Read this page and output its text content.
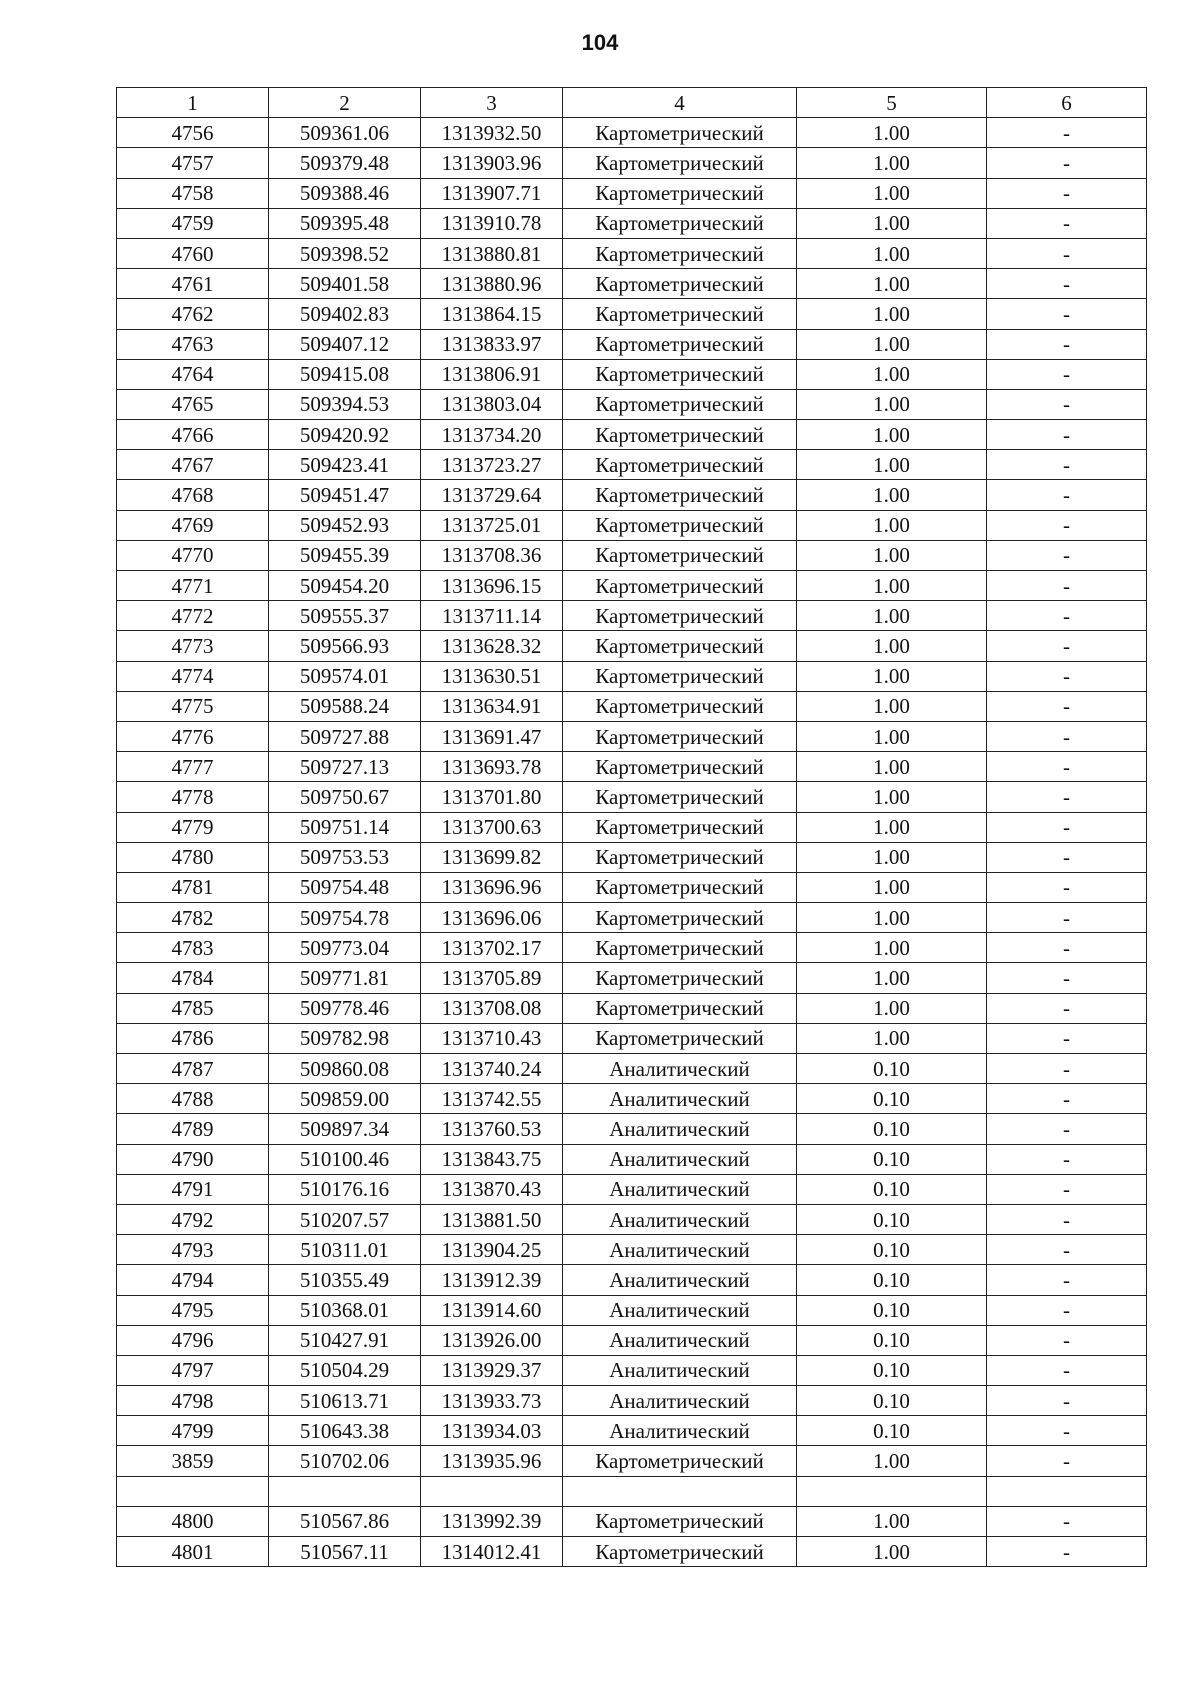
104
1	2	3	4	5	6
4756	509361.06	1313932.50	Картометрический	1.00	-
4757	509379.48	1313903.96	Картометрический	1.00	-
4758	509388.46	1313907.71	Картометрический	1.00	-
4759	509395.48	1313910.78	Картометрический	1.00	-
4760	509398.52	1313880.81	Картометрический	1.00	-
4761	509401.58	1313880.96	Картометрический	1.00	-
4762	509402.83	1313864.15	Картометрический	1.00	-
4763	509407.12	1313833.97	Картометрический	1.00	-
4764	509415.08	1313806.91	Картометрический	1.00	-
4765	509394.53	1313803.04	Картометрический	1.00	-
4766	509420.92	1313734.20	Картометрический	1.00	-
4767	509423.41	1313723.27	Картометрический	1.00	-
4768	509451.47	1313729.64	Картометрический	1.00	-
4769	509452.93	1313725.01	Картометрический	1.00	-
4770	509455.39	1313708.36	Картометрический	1.00	-
4771	509454.20	1313696.15	Картометрический	1.00	-
4772	509555.37	1313711.14	Картометрический	1.00	-
4773	509566.93	1313628.32	Картометрический	1.00	-
4774	509574.01	1313630.51	Картометрический	1.00	-
4775	509588.24	1313634.91	Картометрический	1.00	-
4776	509727.88	1313691.47	Картометрический	1.00	-
4777	509727.13	1313693.78	Картометрический	1.00	-
4778	509750.67	1313701.80	Картометрический	1.00	-
4779	509751.14	1313700.63	Картометрический	1.00	-
4780	509753.53	1313699.82	Картометрический	1.00	-
4781	509754.48	1313696.96	Картометрический	1.00	-
4782	509754.78	1313696.06	Картометрический	1.00	-
4783	509773.04	1313702.17	Картометрический	1.00	-
4784	509771.81	1313705.89	Картометрический	1.00	-
4785	509778.46	1313708.08	Картометрический	1.00	-
4786	509782.98	1313710.43	Картометрический	1.00	-
4787	509860.08	1313740.24	Аналитический	0.10	-
4788	509859.00	1313742.55	Аналитический	0.10	-
4789	509897.34	1313760.53	Аналитический	0.10	-
4790	510100.46	1313843.75	Аналитический	0.10	-
4791	510176.16	1313870.43	Аналитический	0.10	-
4792	510207.57	1313881.50	Аналитический	0.10	-
4793	510311.01	1313904.25	Аналитический	0.10	-
4794	510355.49	1313912.39	Аналитический	0.10	-
4795	510368.01	1313914.60	Аналитический	0.10	-
4796	510427.91	1313926.00	Аналитический	0.10	-
4797	510504.29	1313929.37	Аналитический	0.10	-
4798	510613.71	1313933.73	Аналитический	0.10	-
4799	510643.38	1313934.03	Аналитический	0.10	-
3859	510702.06	1313935.96	Картометрический	1.00	-

4800	510567.86	1313992.39	Картометрический	1.00	-
4801	510567.11	1314012.41	Картометрический	1.00	-
